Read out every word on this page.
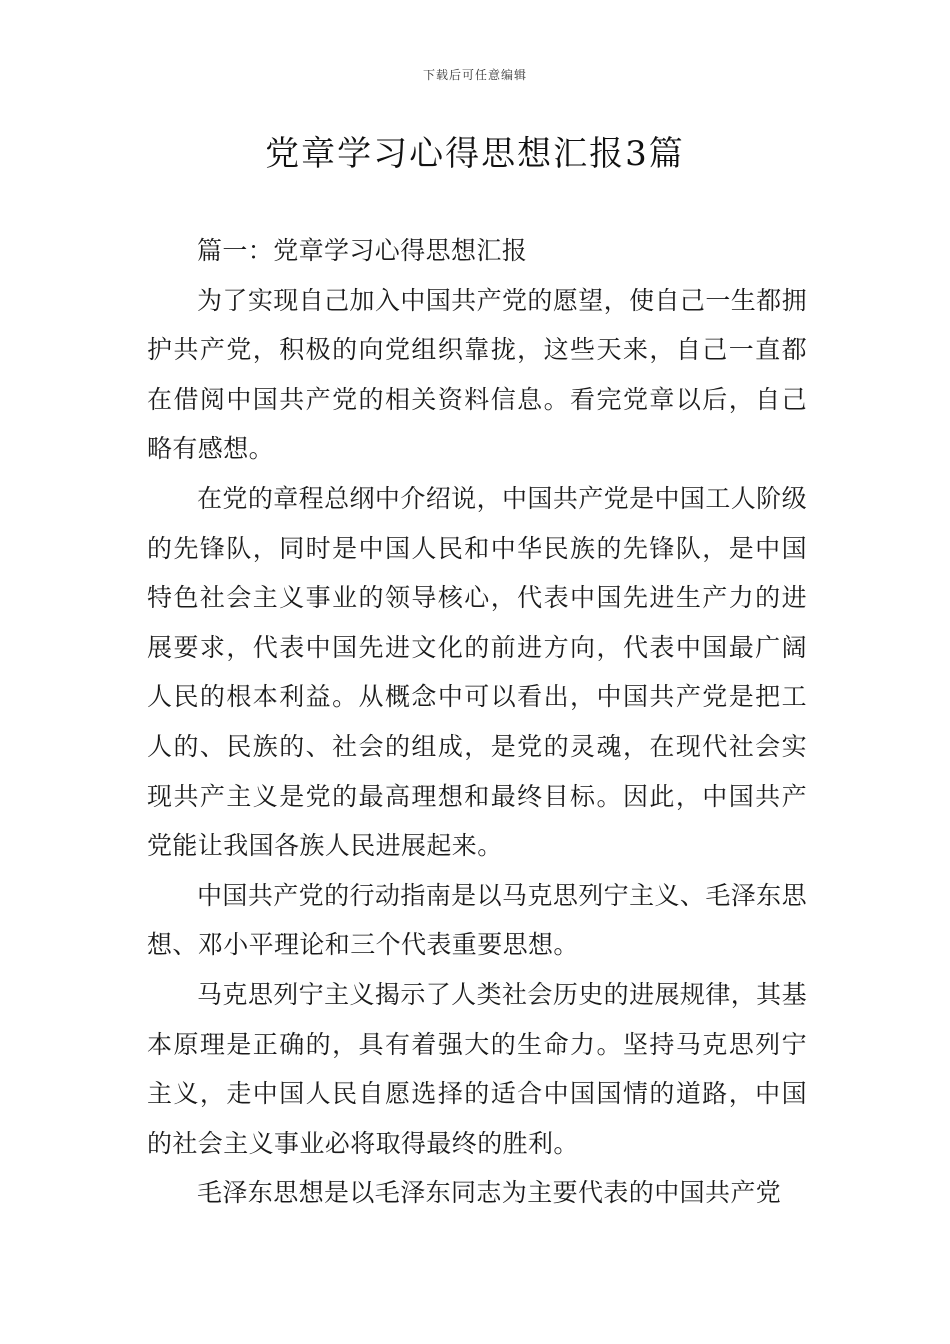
下载后可任意编辑
党章学习心得思想汇报3篇

篇一：党章学习心得思想汇报

为了实现自己加入中国共产党的愿望，使自己一生都拥护共产党，积极的向党组织靠拢，这些天来，自己一直都在借阅中国共产党的相关资料信息。看完党章以后，自己略有感想。

在党的章程总纲中介绍说，中国共产党是中国工人阶级的先锋队，同时是中国人民和中华民族的先锋队，是中国特色社会主义事业的领导核心，代表中国先进生产力的进展要求，代表中国先进文化的前进方向，代表中国最广阔人民的根本利益。从概念中可以看出，中国共产党是把工人的、民族的、社会的组成，是党的灵魂，在现代社会实现共产主义是党的最高理想和最终目标。因此，中国共产党能让我国各族人民进展起来。

中国共产党的行动指南是以马克思列宁主义、毛泽东思想、邓小平理论和三个代表重要思想。

马克思列宁主义揭示了人类社会历史的进展规律，其基本原理是正确的，具有着强大的生命力。坚持马克思列宁主义，走中国人民自愿选择的适合中国国情的道路，中国的社会主义事业必将取得最终的胜利。

毛泽东思想是以毛泽东同志为主要代表的中国共产党
